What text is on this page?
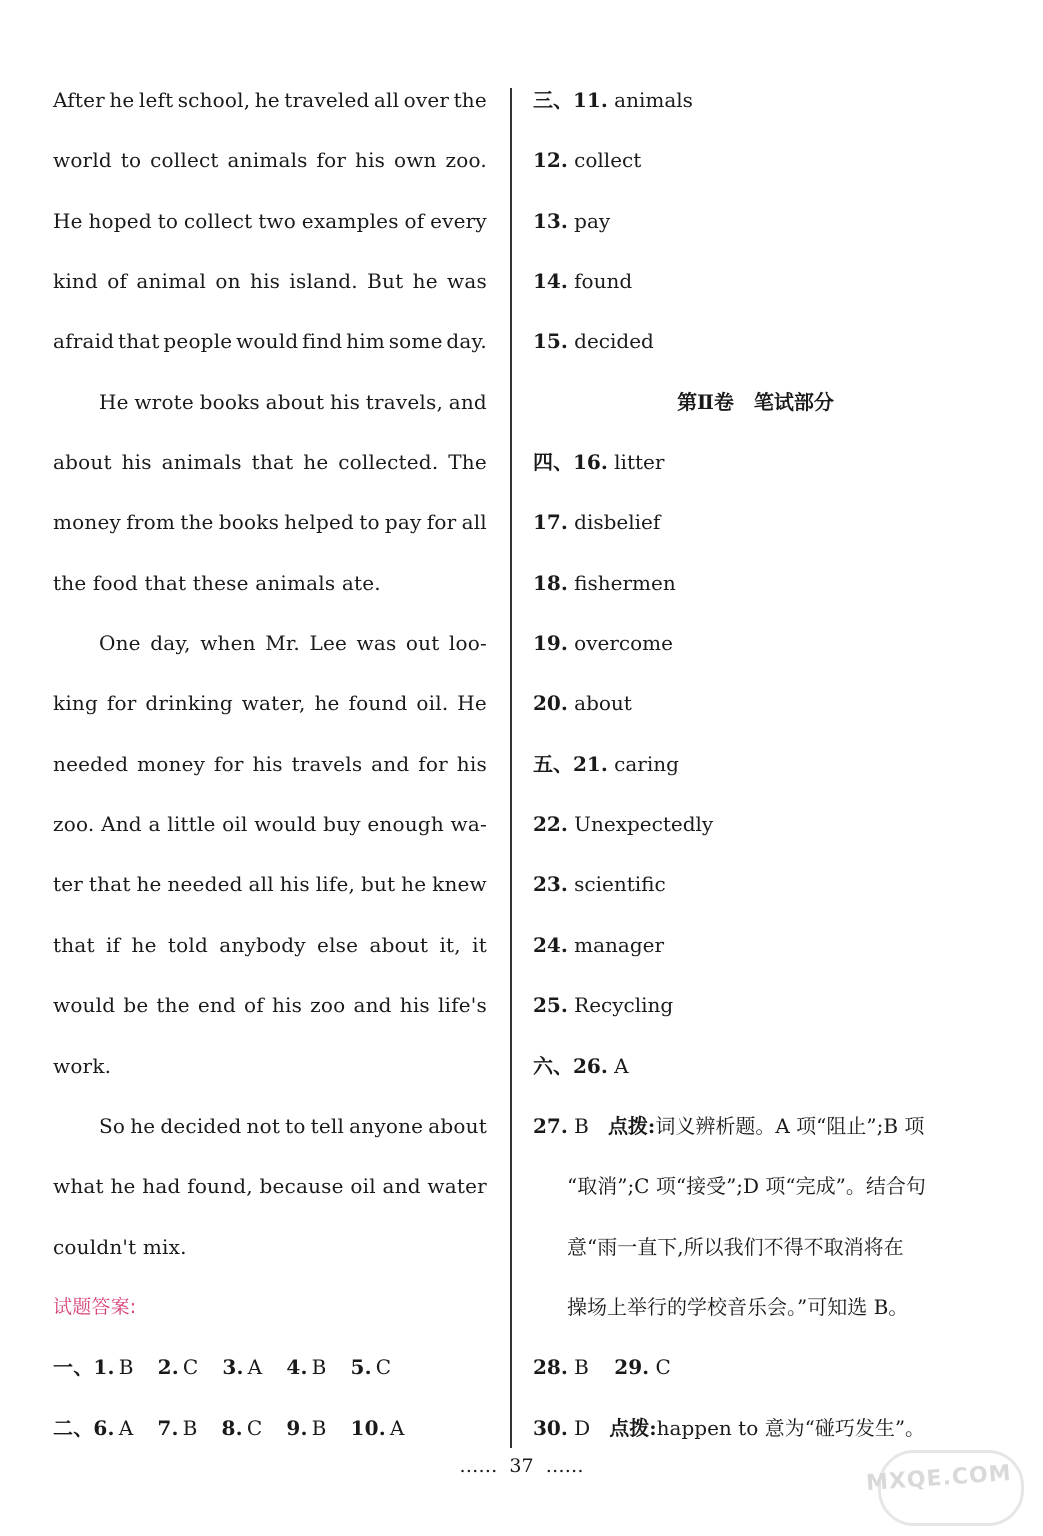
After he left school, he traveled all over the
world to collect animals for his own zoo.
He hoped to collect two examples of every
kind of animal on his island. But he was
afraid that people would find him some day.
He wrote books about his travels, and
about his animals that he collected. The
money from the books helped to pay for all
the food that these animals ate.
One day, when Mr. Lee was out loo-
king for drinking water, he found oil. He
needed money for his travels and for his
zoo. And a little oil would buy enough wa-
ter that he needed all his life, but he knew
that if he told anybody else about it, it
would be the end of his zoo and his life's
work.
So he decided not to tell anyone about
what he had found, because oil and water
couldn't mix.
试题答案:
一、 1. B 2. C 3. A 4. B 5. C
二、 6. A 7. B 8. C 9. B 10. A
三、11. animals
12. collect
13. pay
14. found
15. decided
第Ⅱ卷　笔试部分
四、16. litter
17. disbelief
18. fishermen
19. overcome
20. about
五、21. caring
22. Unexpectedly
23. scientific
24. manager
25. Recycling
六、26. A
27. B 点拨:词义辨析题。A 项“阻止”;B 项
“取消”;C 项“接受”;D 项“完成”。结合句
意“雨一直下,所以我们不得不取消将在
操场上举行的学校音乐会。”可知选 B。
28. B 29. C
30. D 点拨:happen to 意为“碰巧发生”。
…… 37 ……	MXQE.COM
